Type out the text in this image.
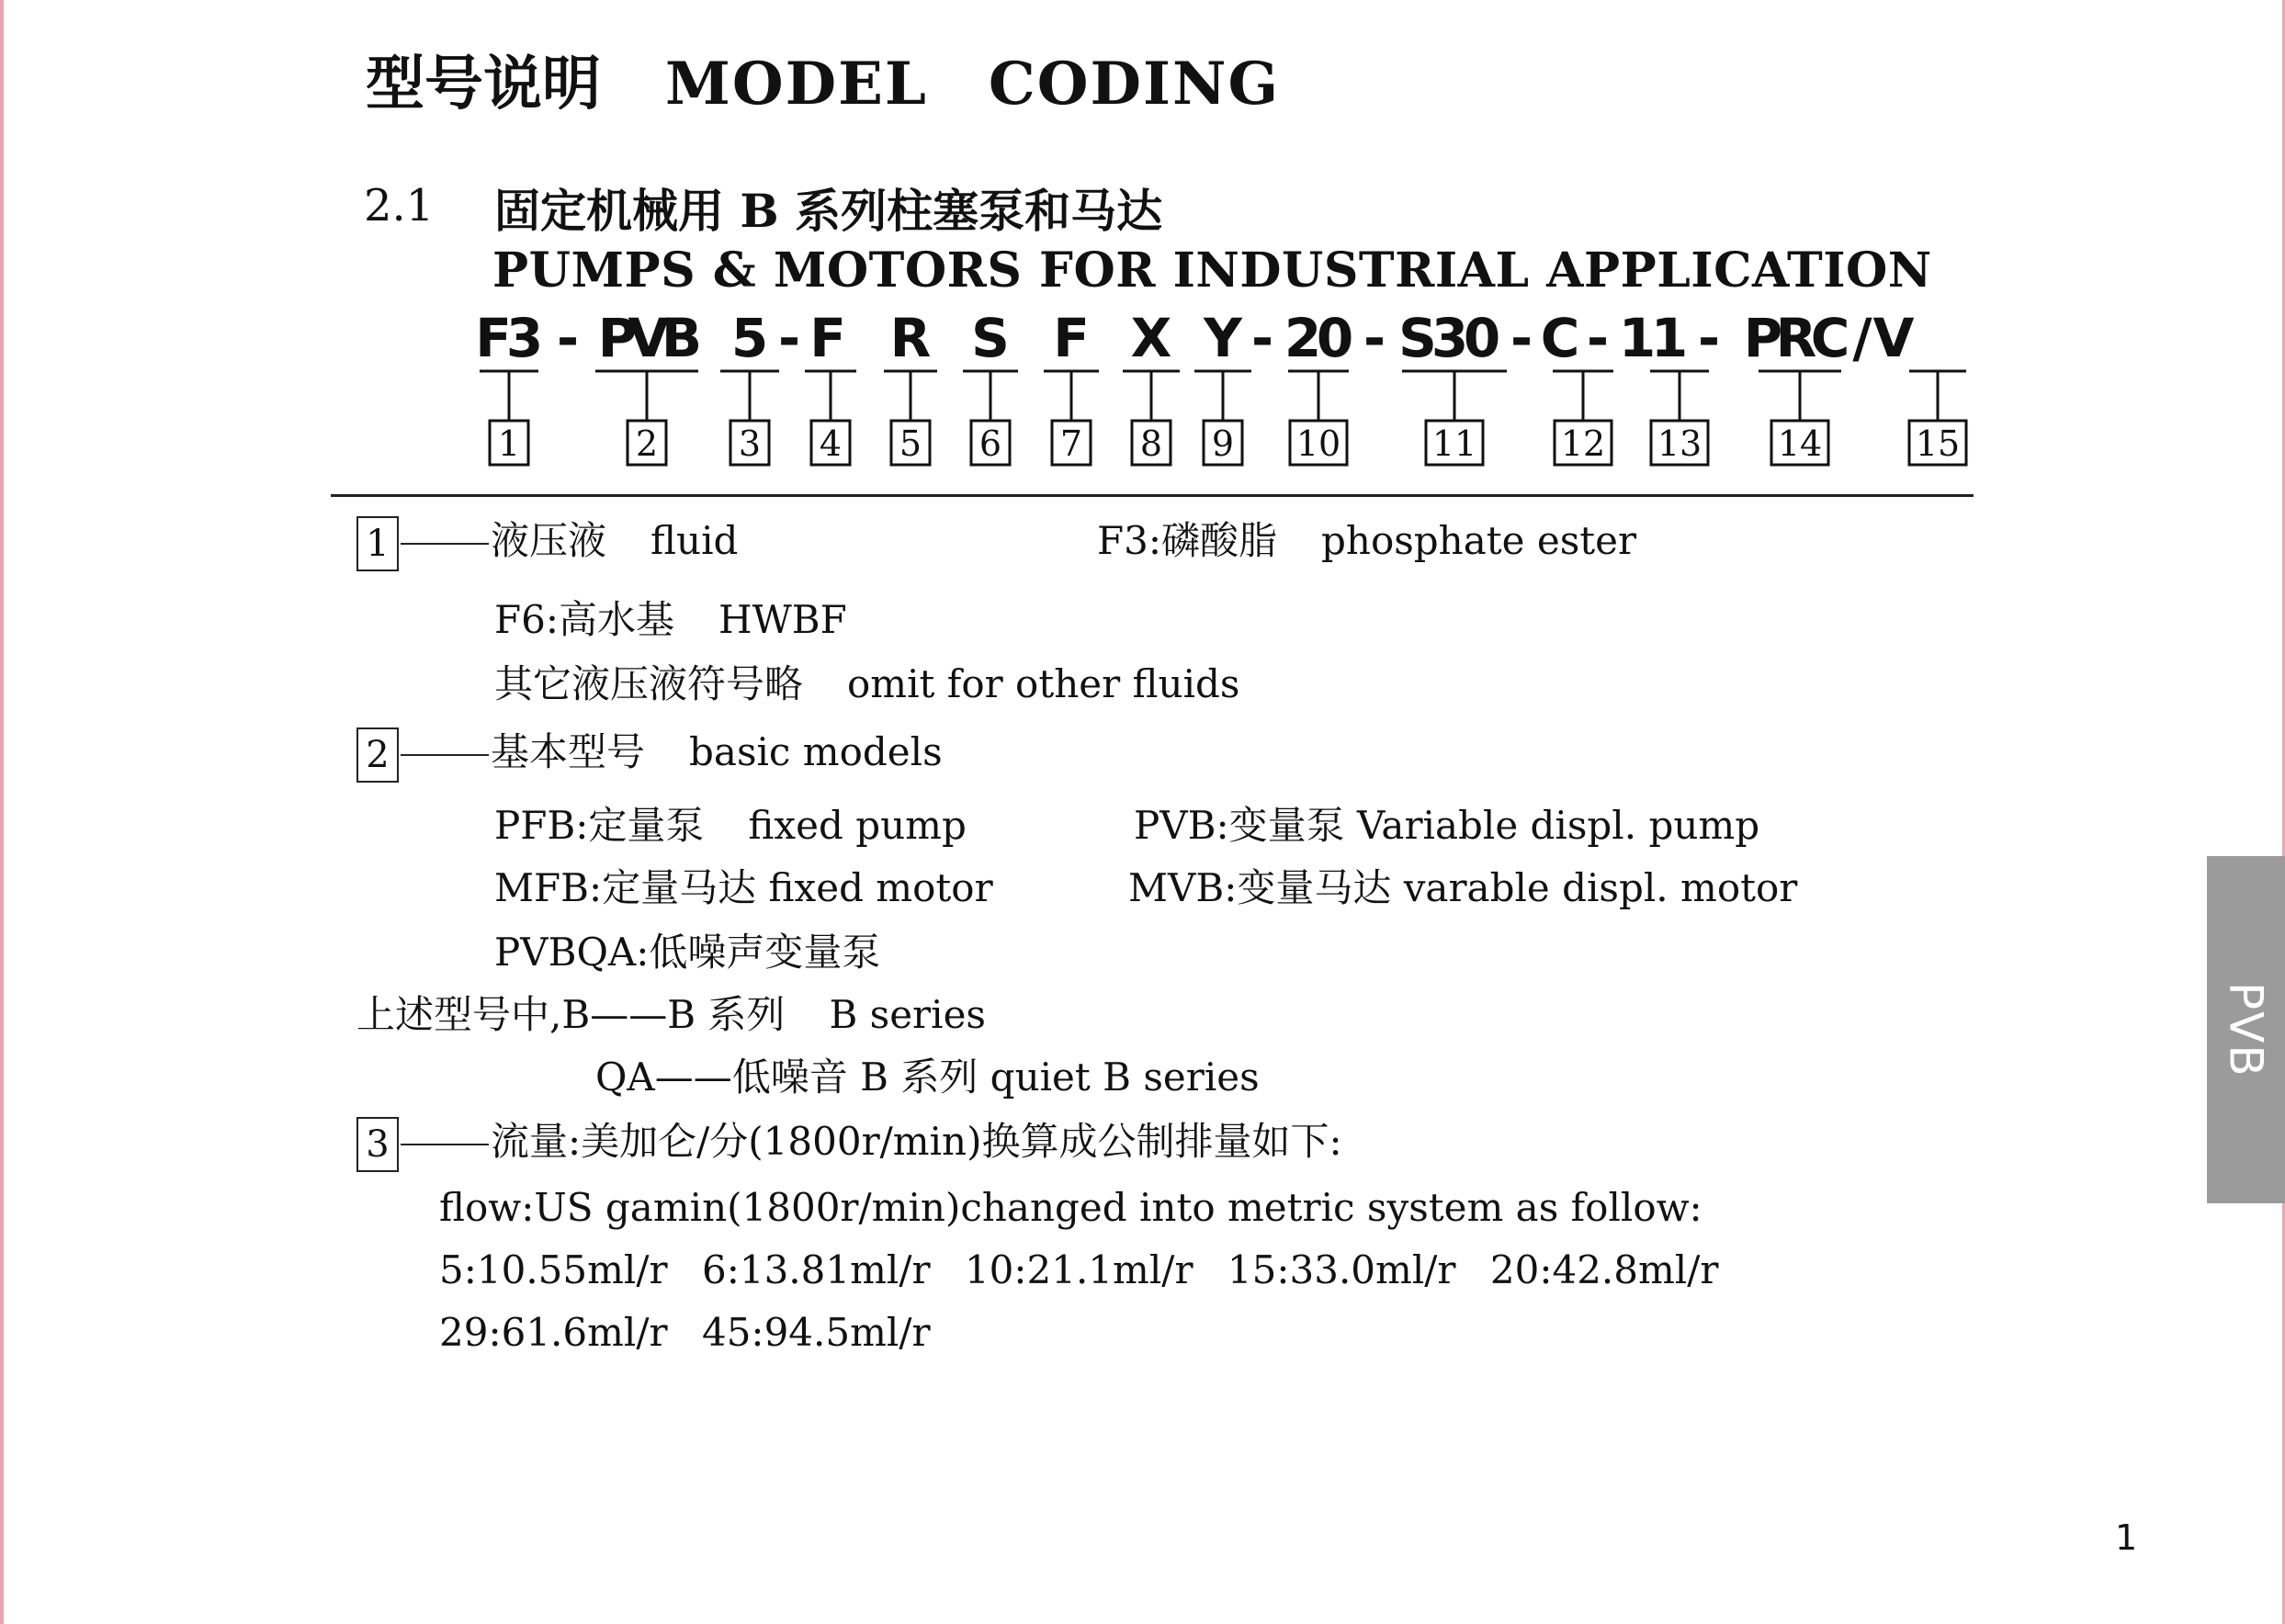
型号说明 MODEL　CODING
2.1 固定机械用 B 系列柱塞泵和马达
PUMPS & MOTORS FOR INDUSTRIAL APPLICATION
F
3 - P
V
B 5 - F R S F X Y - 2
0 - S
3
0 - C - 1
1 - P
R
C / V
1	2 3 4 5 6 7 8 9 10	11 12 13 14	15
1	液压液 fluid	F3:磷酸脂 phosphate ester
F6:高水基 HWBF
其它液压液符号略 omit for other fluids
2	基本型号 basic models
PFB:定量泵 fixed pump	PVB:变量泵 Variable displ. pump
MFB:定量马达 fixed motor	MVB:变量马达 varable displ. motor
PVBQA:低噪声变量泵
上述型号中,B——B 系列 B series
QA——低噪音 B 系列 quiet B series
3	流量:美加仑/分(1800r/min)换算成公制排量如下:
flow:US gamin(1800r/min)changed into metric system as follow:
5:10.55ml/r 6:13.81ml/r 10:21.1ml/r 15:33.0ml/r 20:42.8ml/r
29:61.6ml/r 45:94.5ml/r
PVB
1
